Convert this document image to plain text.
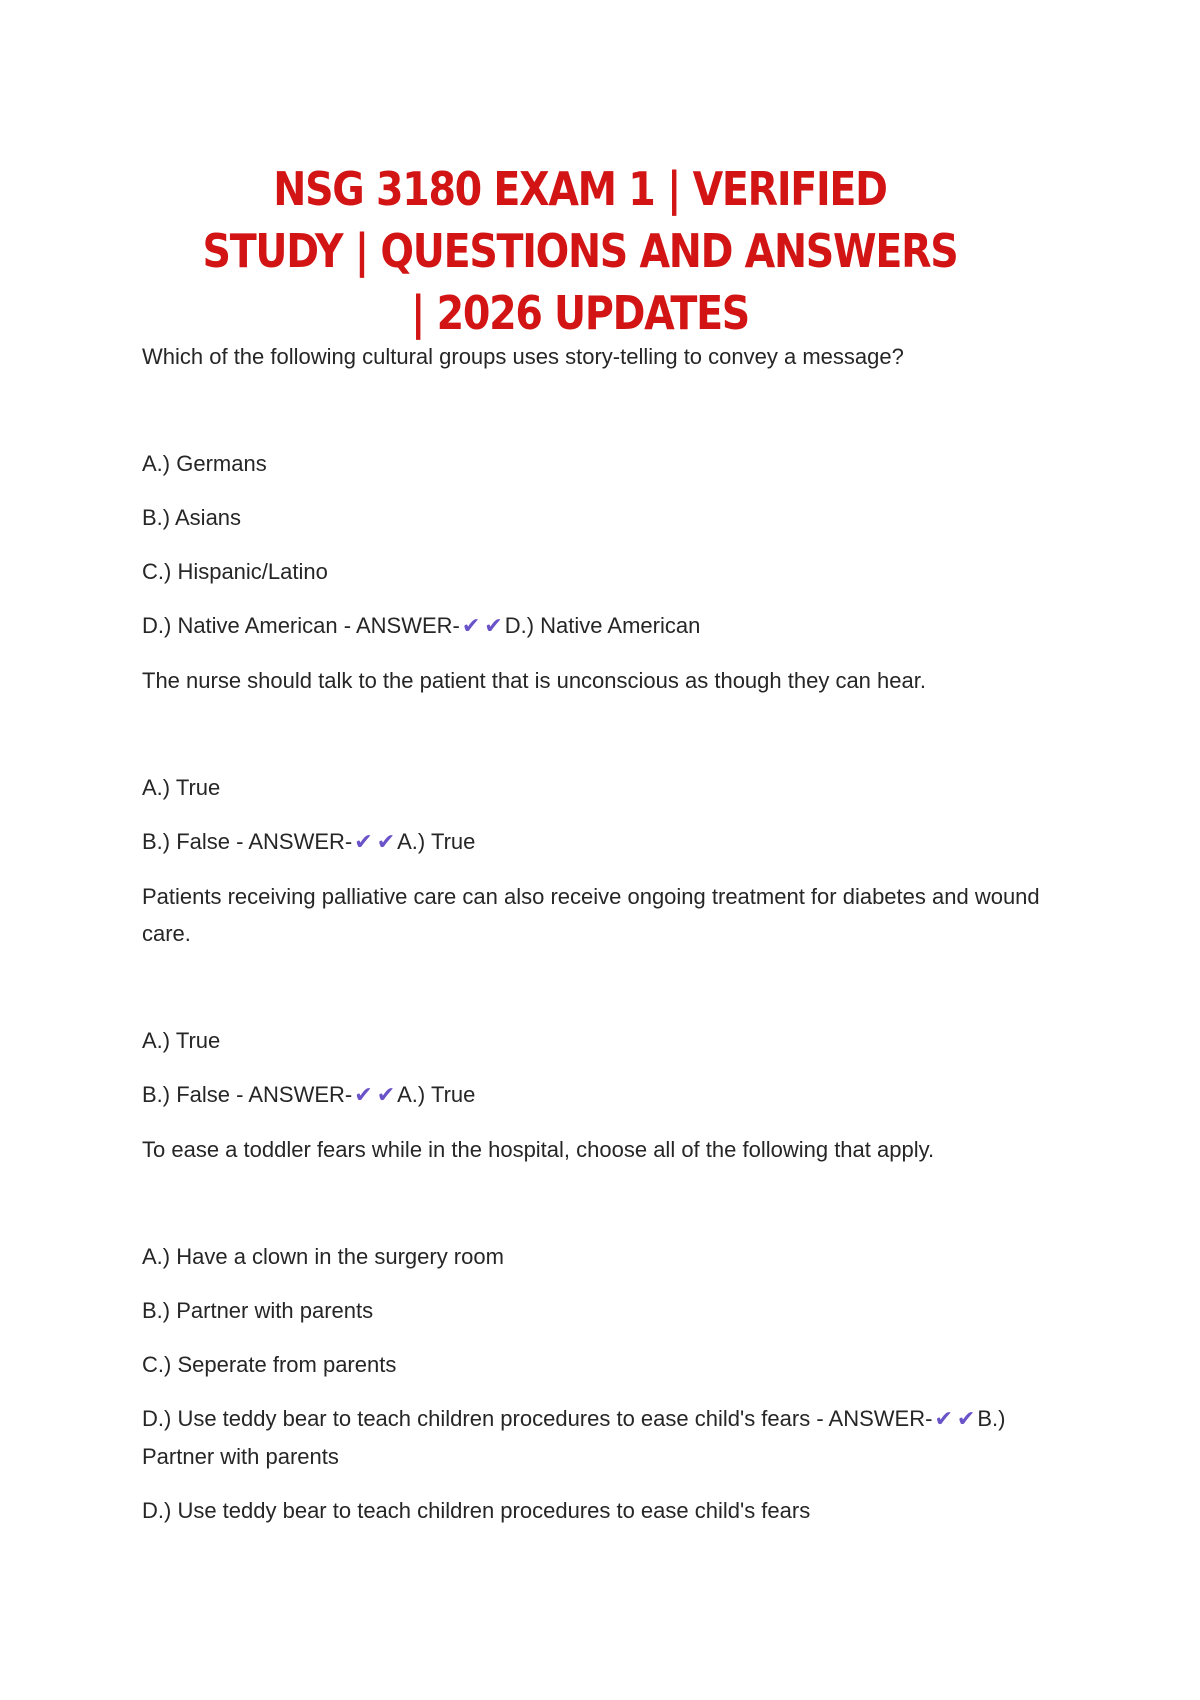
NSG 3180 EXAM 1 | VERIFIED STUDY | QUESTIONS AND ANSWERS | 2026 UPDATES

Which of the following cultural groups uses story-telling to convey a message?

A.) Germans

B.) Asians

C.) Hispanic/Latino

D.) Native American - ANSWER-✔ ✔D.) Native American

The nurse should talk to the patient that is unconscious as though they can hear.

A.) True

B.) False - ANSWER-✔ ✔A.) True

Patients receiving palliative care can also receive ongoing treatment for diabetes and wound care.

A.) True

B.) False - ANSWER-✔ ✔A.) True

To ease a toddler fears while in the hospital, choose all of the following that apply.

A.) Have a clown in the surgery room

B.) Partner with parents

C.) Seperate from parents

D.) Use teddy bear to teach children procedures to ease child's fears - ANSWER-✔ ✔B.) Partner with parents

D.) Use teddy bear to teach children procedures to ease child's fears
